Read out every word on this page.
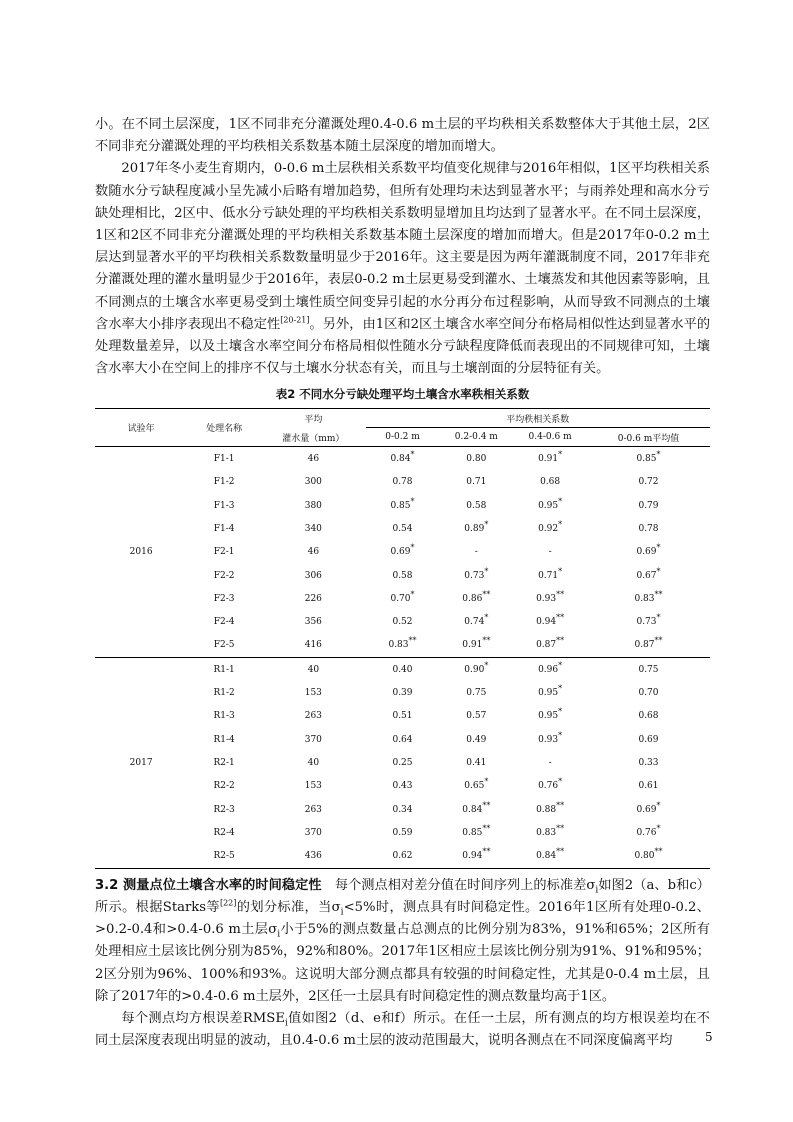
小。在不同土层深度，1区不同非充分灌溉处理0.4-0.6 m土层的平均秩相关系数整体大于其他土层，2区不同非充分灌溉处理的平均秩相关系数基本随土层深度的增加而增大。

2017年冬小麦生育期内，0-0.6 m土层秩相关系数平均值变化规律与2016年相似，1区平均秩相关系数随水分亏缺程度减小呈先减小后略有增加趋势，但所有处理均未达到显著水平；与雨养处理和高水分亏缺处理相比，2区中、低水分亏缺处理的平均秩相关系数明显增加且均达到了显著水平。在不同土层深度，1区和2区不同非充分灌溉处理的平均秩相关系数基本随土层深度的增加而增大。但是2017年0-0.2 m土层达到显著水平的平均秩相关系数数量明显少于2016年。这主要是因为两年灌溉制度不同，2017年非充分灌溉处理的灌水量明显少于2016年，表层0-0.2 m土层更易受到灌水、土壤蒸发和其他因素等影响，且不同测点的土壤含水率更易受到土壤性质空间变异引起的水分再分布过程影响，从而导致不同测点的土壤含水率大小排序表现出不稳定性[20-21]。另外，由1区和2区土壤含水率空间分布格局相似性达到显著水平的处理数量差异，以及土壤含水率空间分布格局相似性随水分亏缺程度降低而表现出的不同规律可知，土壤含水率大小在空间上的排序不仅与土壤水分状态有关，而且与土壤剖面的分层特征有关。

表2 不同水分亏缺处理平均土壤含水率秩相关系数
试验年	处理名称	平均	平均秩相关系数			
		灌水量（mm）	0-0.2 m	0.2-0.4 m	0.4-0.6 m	0-0.6 m平均值
2016	F1-1	46	0.84*	0.80	0.91*	0.85*
	F1-2	300	0.78	0.71	0.68	0.72
	F1-3	380	0.85*	0.58	0.95*	0.79
	F1-4	340	0.54	0.89*	0.92*	0.78
	F2-1	46	0.69*	-	-	0.69*
	F2-2	306	0.58	0.73*	0.71*	0.67*
	F2-3	226	0.70*	0.86**	0.93**	0.83**
	F2-4	356	0.52	0.74*	0.94**	0.73*
	F2-5	416	0.83**	0.91**	0.87**	0.87**
2017	R1-1	40	0.40	0.90*	0.96*	0.75
	R1-2	153	0.39	0.75	0.95*	0.70
	R1-3	263	0.51	0.57	0.95*	0.68
	R1-4	370	0.64	0.49	0.93*	0.69
	R2-1	40	0.25	0.41	-	0.33
	R2-2	153	0.43	0.65*	0.76*	0.61
	R2-3	263	0.34	0.84**	0.88**	0.69*
	R2-4	370	0.59	0.85**	0.83**	0.76*
	R2-5	436	0.62	0.94**	0.84**	0.80**

3.2 测量点位土壤含水率的时间稳定性　每个测点相对差分值在时间序列上的标准差$\sigma_i$如图2（a、b和c）所示。根据Starks等[22]的划分标准，当$\sigma_i<5\%$时，测点具有时间稳定性。2016年1区所有处理0-0.2、>0.2-0.4和>0.4-0.6 m土层$\sigma_i$小于5%的测点数量占总测点的比例分别为83%，91%和65%；2区所有处理相应土层该比例分别为85%，92%和80%。2017年1区相应土层该比例分别为91%、91%和95%；2区分别为96%、100%和93%。这说明大部分测点都具有较强的时间稳定性，尤其是0-0.4 m土层，且除了2017年的>0.4-0.6 m土层外，2区任一土层具有时间稳定性的测点数量均高于1区。

每个测点均方根误差$RMSE_i$值如图2（d、e和f）所示。在任一土层，所有测点的均方根误差均在不同土层深度表现出明显的波动，且0.4-0.6 m土层的波动范围最大，说明各测点在不同深度偏离平均	5
